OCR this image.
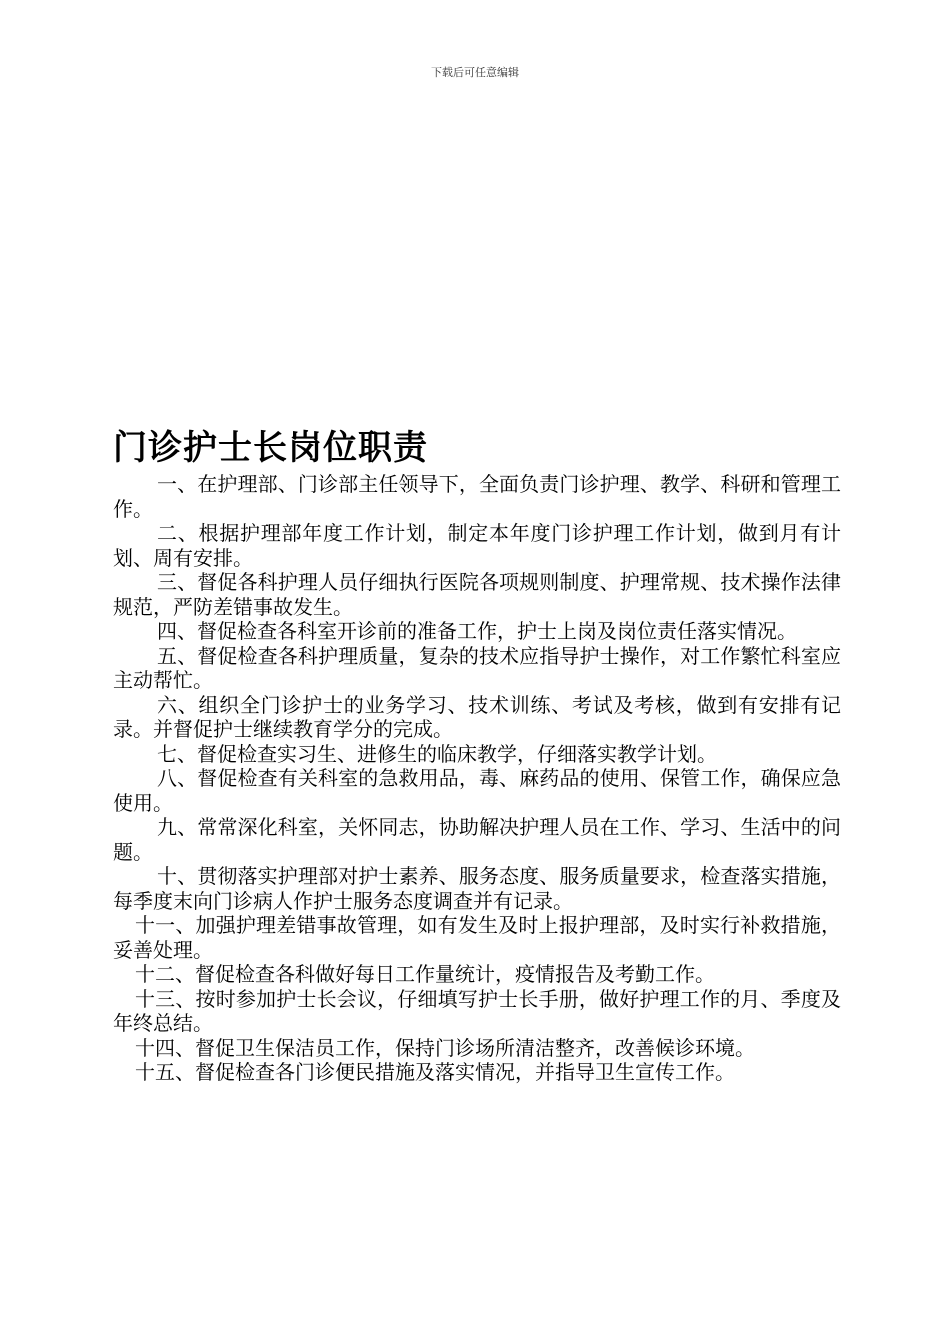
下载后可任意编辑
门诊护士长岗位职责

一、在护理部、门诊部主任领导下，全面负责门诊护理、教学、科研和管理工作。

二、根据护理部年度工作计划，制定本年度门诊护理工作计划，做到月有计划、周有安排。

三、督促各科护理人员仔细执行医院各项规则制度、护理常规、技术操作法律规范，严防差错事故发生。

四、督促检查各科室开诊前的准备工作，护士上岗及岗位责任落实情况。

五、督促检查各科护理质量，复杂的技术应指导护士操作，对工作繁忙科室应主动帮忙。

六、组织全门诊护士的业务学习、技术训练、考试及考核，做到有安排有记录。并督促护士继续教育学分的完成。

七、督促检查实习生、进修生的临床教学，仔细落实教学计划。

八、督促检查有关科室的急救用品，毒、麻药品的使用、保管工作，确保应急使用。

九、常常深化科室，关怀同志，协助解决护理人员在工作、学习、生活中的问题。

十、贯彻落实护理部对护士素养、服务态度、服务质量要求，检查落实措施，每季度末向门诊病人作护士服务态度调查并有记录。

十一、加强护理差错事故管理，如有发生及时上报护理部，及时实行补救措施，妥善处理。

十二、督促检查各科做好每日工作量统计，疫情报告及考勤工作。

十三、按时参加护士长会议，仔细填写护士长手册，做好护理工作的月、季度及年终总结。

十四、督促卫生保洁员工作，保持门诊场所清洁整齐，改善候诊环境。

十五、督促检查各门诊便民措施及落实情况，并指导卫生宣传工作。
